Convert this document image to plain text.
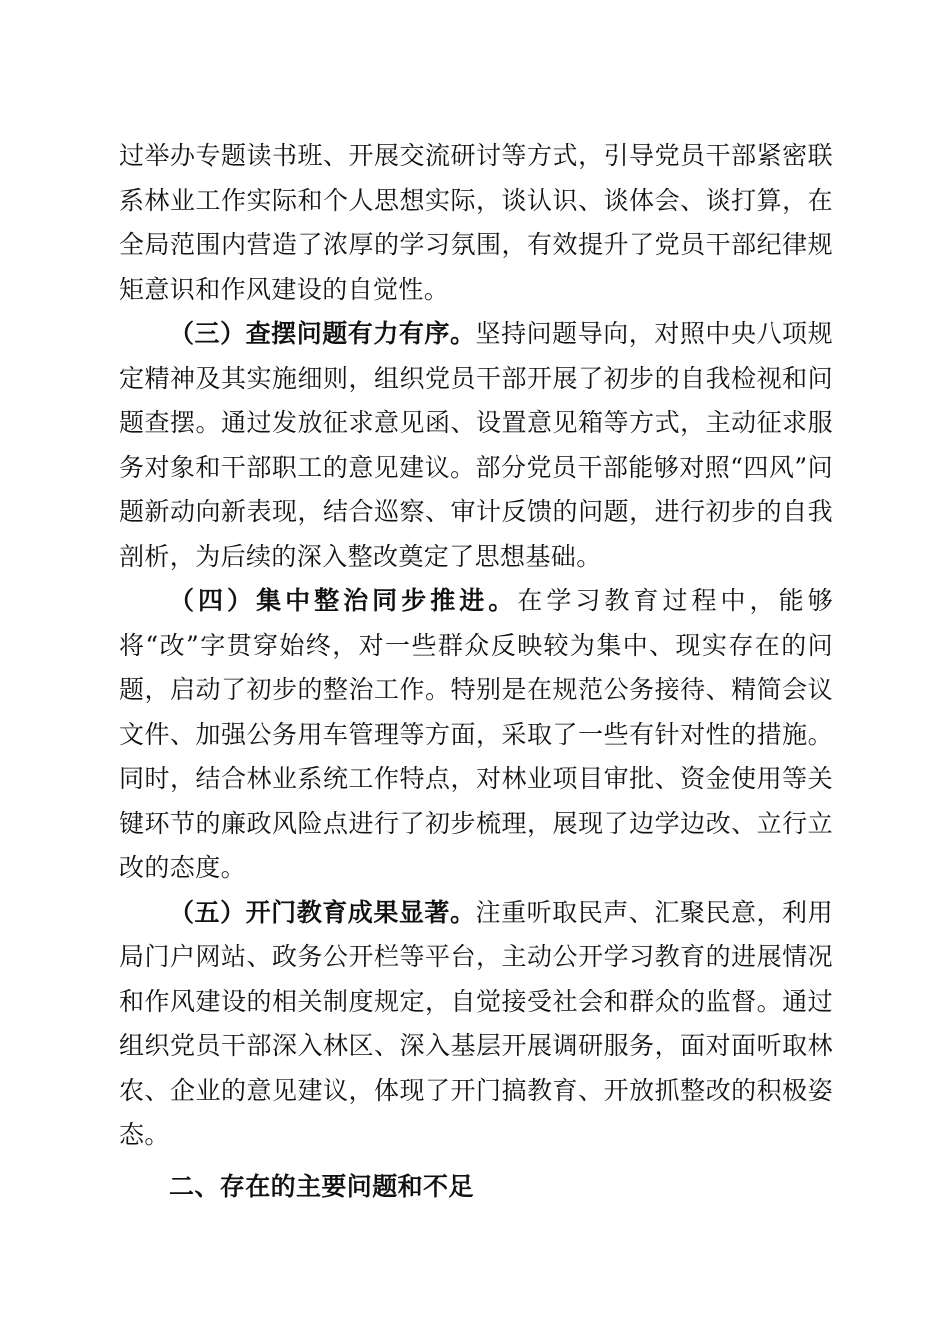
过举办专题读书班、开展交流研讨等方式，引导党员干部紧密联系林业工作实际和个人思想实际，谈认识、谈体会、谈打算，在全局范围内营造了浓厚的学习氛围，有效提升了党员干部纪律规矩意识和作风建设的自觉性。

（三）查摆问题有力有序。坚持问题导向，对照中央八项规定精神及其实施细则，组织党员干部开展了初步的自我检视和问题查摆。通过发放征求意见函、设置意见箱等方式，主动征求服务对象和干部职工的意见建议。部分党员干部能够对照“四风”问题新动向新表现，结合巡察、审计反馈的问题，进行初步的自我剖析，为后续的深入整改奠定了思想基础。

（四）集中整治同步推进。在学习教育过程中，能够将“改”字贯穿始终，对一些群众反映较为集中、现实存在的问题，启动了初步的整治工作。特别是在规范公务接待、精简会议文件、加强公务用车管理等方面，采取了一些有针对性的措施。同时，结合林业系统工作特点，对林业项目审批、资金使用等关键环节的廉政风险点进行了初步梳理，展现了边学边改、立行立改的态度。

（五）开门教育成果显著。注重听取民声、汇聚民意，利用局门户网站、政务公开栏等平台，主动公开学习教育的进展情况和作风建设的相关制度规定，自觉接受社会和群众的监督。通过组织党员干部深入林区、深入基层开展调研服务，面对面听取林农、企业的意见建议，体现了开门搞教育、开放抓整改的积极姿态。

二、存在的主要问题和不足
